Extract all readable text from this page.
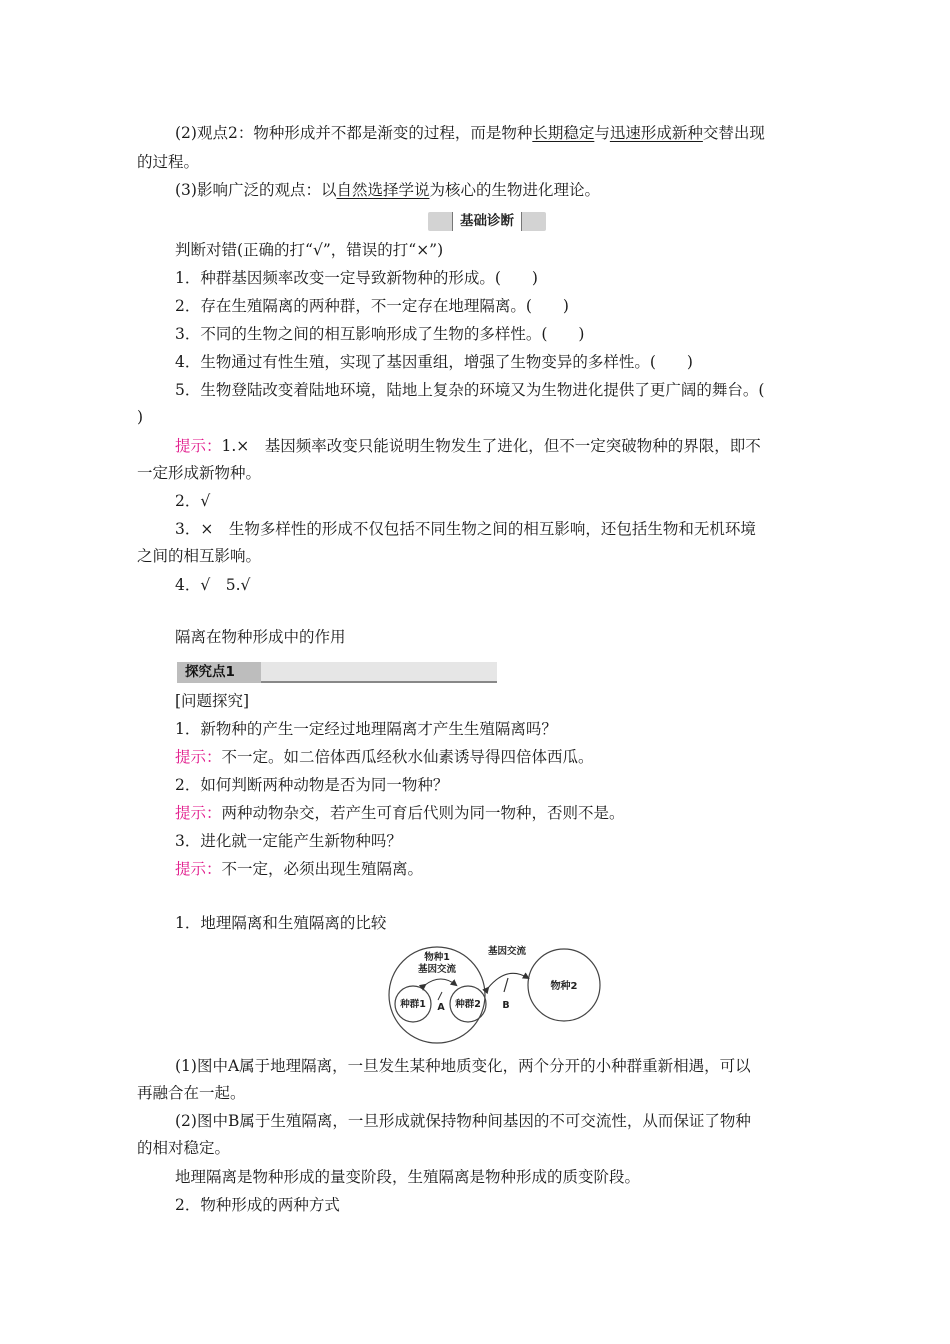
(2)观点2：物种形成并不都是渐变的过程，而是物种长期稳定与迅速形成新种交替出现
的过程。
(3)影响广泛的观点：以自然选择学说为核心的生物进化理论。
基础诊断
判断对错(正确的打“√”，错误的打“×”)
1．种群基因频率改变一定导致新物种的形成。(　　)
2．存在生殖隔离的两种群，不一定存在地理隔离。(　　)
3．不同的生物之间的相互影响形成了生物的多样性。(　　)
4．生物通过有性生殖，实现了基因重组，增强了生物变异的多样性。(　　)
5．生物登陆改变着陆地环境，陆地上复杂的环境又为生物进化提供了更广阔的舞台。(
)
提示：1.×　基因频率改变只能说明生物发生了进化，但不一定突破物种的界限，即不
一定形成新物种。
2．√
3．×　生物多样性的形成不仅包括不同生物之间的相互影响，还包括生物和无机环境
之间的相互影响。
4．√　5.√
隔离在物种形成中的作用
探究点1
[问题探究]
1．新物种的产生一定经过地理隔离才产生生殖隔离吗？
提示：不一定。如二倍体西瓜经秋水仙素诱导得四倍体西瓜。
2．如何判断两种动物是否为同一物种？
提示：两种动物杂交，若产生可育后代则为同一物种，否则不是。
3．进化就一定能产生新物种吗？
提示：不一定，必须出现生殖隔离。
1．地理隔离和生殖隔离的比较
物种1
基因交流
种群1	种群2
A
基因交流
B
物种2
(1)图中A属于地理隔离，一旦发生某种地质变化，两个分开的小种群重新相遇，可以
再融合在一起。
(2)图中B属于生殖隔离，一旦形成就保持物种间基因的不可交流性，从而保证了物种
的相对稳定。
地理隔离是物种形成的量变阶段，生殖隔离是物种形成的质变阶段。
2．物种形成的两种方式
